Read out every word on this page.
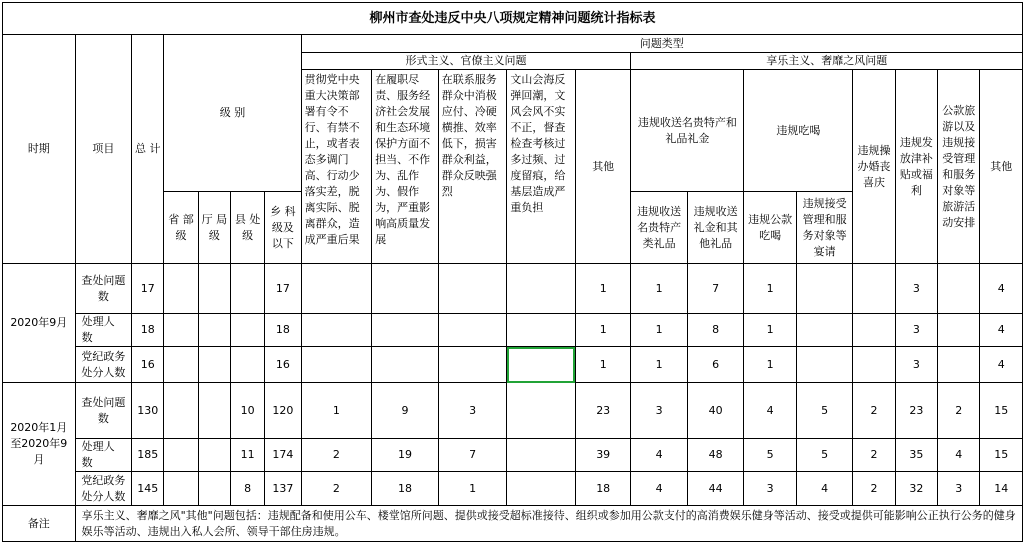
柳州市查处违反中央八项规定精神问题统计指标表																			
时期	项目	总 计	级 别				问题类型												
							形式主义、官僚主义问题					享乐主义、奢靡之风问题							
							贯彻党中央重大决策部署有令不行、有禁不止，或者表态多调门高、行动少落实差，脱离实际、脱离群众，造成严重后果	在履职尽责、服务经济社会发展和生态环境保护方面不担当、不作为、乱作为、假作为，严重影响高质量发展	在联系服务群众中消极应付、冷硬横推、效率低下，损害群众利益，群众反映强烈	文山会海反弹回潮，文风会风不实不正，督查检查考核过多过频、过度留痕，给基层造成严重负担	其他	违规收送名贵特产和礼品礼金		违规吃喝		违规操办婚丧喜庆	违规发放津补贴或福利	公款旅游以及违规接受管理和服务对象等旅游活动安排	其他
			省 部级	厅 局级	县 处级	乡 科级及以下						违规收送名贵特产类礼品	违规收送礼金和其他礼品	违规公款吃喝	违规接受管理和服务对象等宴请				
2020年9月	查处问题数	17				17					1	1	7	1			3		4
	处理人数	18				18					1	1	8	1			3		4
	党纪政务处分人数	16				16					1	1	6	1			3		4
2020年1月至2020年9月	查处问题数	130			10	120	1	9	3		23	3	40	4	5	2	23	2	15
	处理人数	185			11	174	2	19	7		39	4	48	5	5	2	35	4	15
	党纪政务处分人数	145			8	137	2	18	1		18	4	44	3	4	2	32	3	14
备注	享乐主义、奢靡之风"其他"问题包括：违规配备和使用公车、楼堂馆所问题、提供或接受超标准接待、组织或参加用公款支付的高消费娱乐健身等活动、接受或提供可能影响公正执行公务的健身娱乐等活动、违规出入私人会所、领导干部住房违规。																		
